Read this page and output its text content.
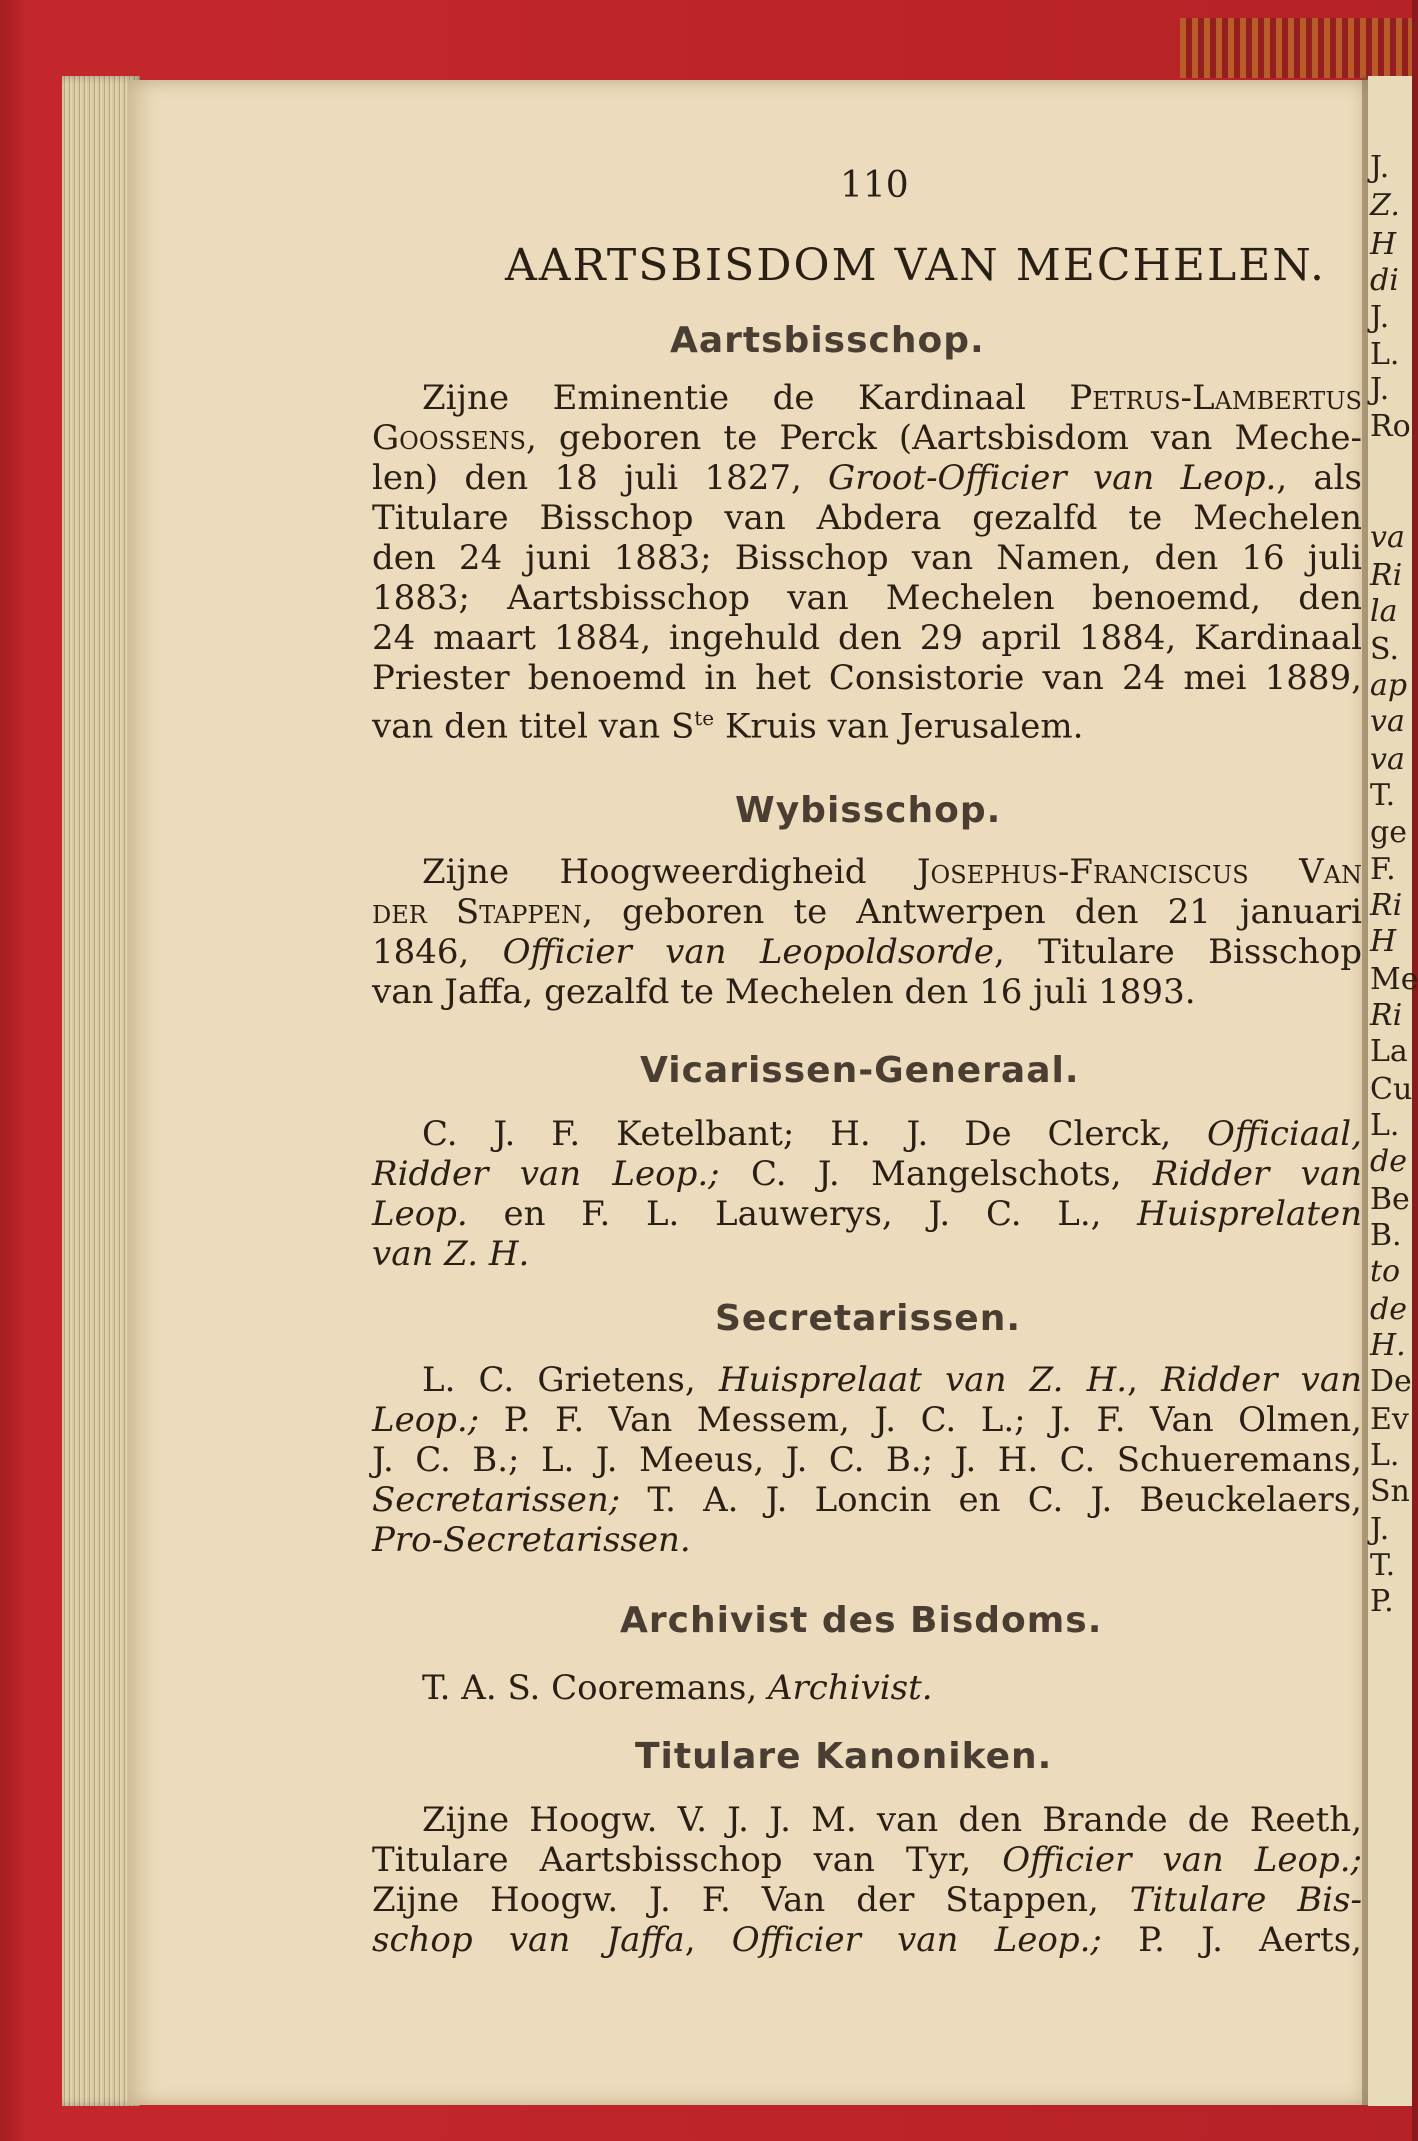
J.
Z.
H
di
J.
L.
J.
Ro
va
Ri
la
S.
ap
va
va
T.
ge
F.
Ri
H
Me
Ri
La
Cu
L.
de
Be
B.
to
de
H.
De
Ev
L.
Sn
J.
T.
P.
110
AARTSBISDOM VAN MECHELEN.
Aartsbisschop.
Zijne Eminentie de Kardinaal Petrus-Lambertus
Goossens, geboren te Perck (Aartsbisdom van Meche-
len) den 18 juli 1827, Groot-Officier van Leop., als
Titulare Bisschop van Abdera gezalfd te Mechelen
den 24 juni 1883; Bisschop van Namen, den 16 juli
1883; Aartsbisschop van Mechelen benoemd, den
24 maart 1884, ingehuld den 29 april 1884, Kardinaal
Priester benoemd in het Consistorie van 24 mei 1889,
van den titel van $S^{te}$ Kruis van Jerusalem.
Wybisschop.
Zijne Hoogweerdigheid Josephus-Franciscus Van
der Stappen, geboren te Antwerpen den 21 januari
1846, Officier van Leopoldsorde, Titulare Bisschop
van Jaffa, gezalfd te Mechelen den 16 juli 1893.
Vicarissen-Generaal.
C. J. F. Ketelbant; H. J. De Clerck, Officiaal,
Ridder van Leop.; C. J. Mangelschots, Ridder van
Leop. en F. L. Lauwerys, J. C. L., Huisprelaten
van Z. H.
Secretarissen.
L. C. Grietens, Huisprelaat van Z. H., Ridder van
Leop.; P. F. Van Messem, J. C. L.; J. F. Van Olmen,
J. C. B.; L. J. Meeus, J. C. B.; J. H. C. Schueremans,
Secretarissen; T. A. J. Loncin en C. J. Beuckelaers,
Pro-Secretarissen.
Archivist des Bisdoms.
T. A. S. Cooremans, Archivist.
Titulare Kanoniken.
Zijne Hoogw. V. J. J. M. van den Brande de Reeth,
Titulare Aartsbisschop van Tyr, Officier van Leop.;
Zijne Hoogw. J. F. Van der Stappen, Titulare Bis-
schop van Jaffa, Officier van Leop.; P. J. Aerts,
